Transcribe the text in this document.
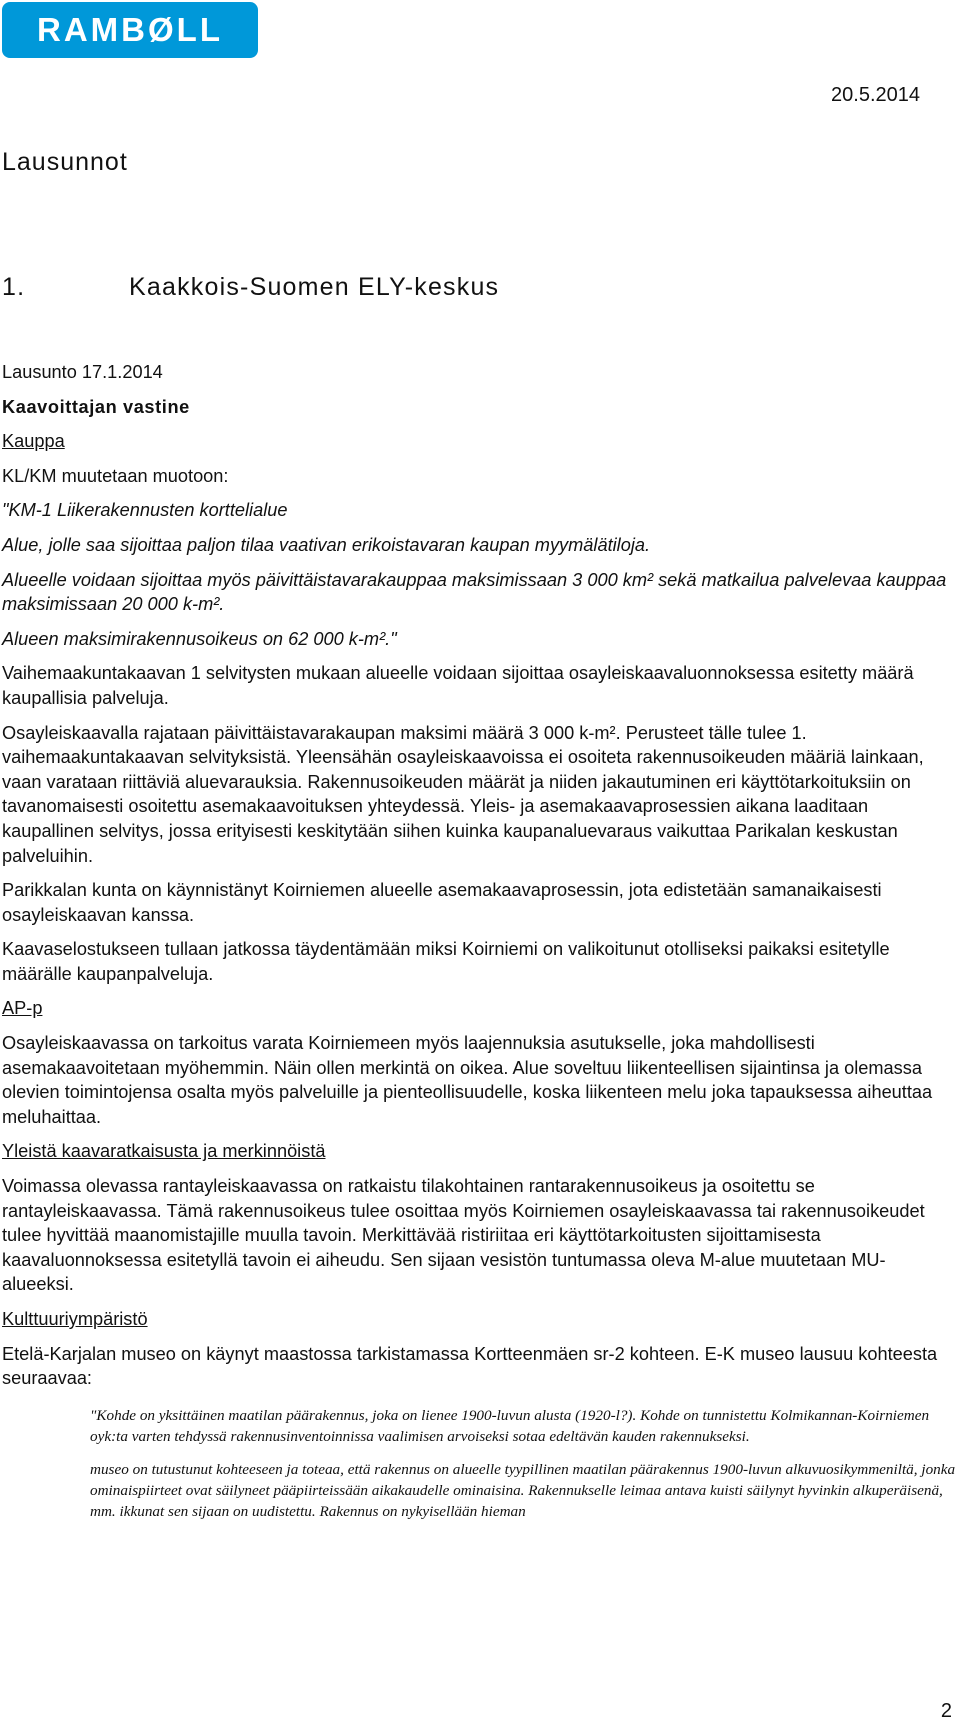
RAMBØLL
20.5.2014
Lausunnot
1.	Kaakkois-Suomen ELY-keskus

Lausunto 17.1.2014

Kaavoittajan vastine

Kauppa

KL/KM muutetaan muotoon:

"KM-1 Liikerakennusten korttelialue

Alue, jolle saa sijoittaa paljon tilaa vaativan erikoistavaran kaupan myymälätiloja.

Alueelle voidaan sijoittaa myös päivittäistavarakauppaa maksimissaan 3 000 km² sekä matkailua palvelevaa kauppaa maksimissaan 20 000 k-m².

Alueen maksimirakennusoikeus on 62 000 k-m²."

Vaihemaakuntakaavan 1 selvitysten mukaan alueelle voidaan sijoittaa osayleiskaavaluonnoksessa esitetty määrä kaupallisia palveluja.

Osayleiskaavalla rajataan päivittäistavarakaupan maksimi määrä 3 000 k-m². Perusteet tälle tulee 1. vaihemaakuntakaavan selvityksistä. Yleensähän osayleiskaavoissa ei osoiteta rakennusoikeuden määriä lainkaan, vaan varataan riittäviä aluevarauksia. Rakennusoikeuden määrät ja niiden jakautuminen eri käyttötarkoituksiin on tavanomaisesti osoitettu asemakaavoituksen yhteydessä. Yleis- ja asemakaavaprosessien aikana laaditaan kaupallinen selvitys, jossa erityisesti keskitytään siihen kuinka kaupanaluevaraus vaikuttaa Parikalan keskustan palveluihin.

Parikkalan kunta on käynnistänyt Koirniemen alueelle asemakaavaprosessin, jota edistetään samanaikaisesti osayleiskaavan kanssa.

Kaavaselostukseen tullaan jatkossa täydentämään miksi Koirniemi on valikoitunut otolliseksi paikaksi esitetylle määrälle kaupanpalveluja.

AP-p

Osayleiskaavassa on tarkoitus varata Koirniemeen myös laajennuksia asutukselle, joka mahdollisesti asemakaavoitetaan myöhemmin. Näin ollen merkintä on oikea. Alue soveltuu liikenteellisen sijaintinsa ja olemassa olevien toimintojensa osalta myös palveluille ja pienteollisuudelle, koska liikenteen melu joka tapauksessa aiheuttaa meluhaittaa.

Yleistä kaavaratkaisusta ja merkinnöistä

Voimassa olevassa rantayleiskaavassa on ratkaistu tilakohtainen rantarakennusoikeus ja osoitettu se rantayleiskaavassa. Tämä rakennusoikeus tulee osoittaa myös Koirniemen osayleiskaavassa tai rakennusoikeudet tulee hyvittää maanomistajille muulla tavoin. Merkittävää ristiriitaa eri käyttötarkoitusten sijoittamisesta kaavaluonnoksessa esitetyllä tavoin ei aiheudu. Sen sijaan vesistön tuntumassa oleva M-alue muutetaan MU-alueeksi.

Kulttuuriympäristö

Etelä-Karjalan museo on käynyt maastossa tarkistamassa Kortteenmäen sr-2 kohteen. E-K museo lausuu kohteesta seuraavaa:

"Kohde on yksittäinen maatilan päärakennus, joka on lienee 1900-luvun alusta (1920-l?). Kohde on tunnistettu Kolmikannan-Koirniemen oyk:ta varten tehdyssä rakennusinventoinnissa vaalimisen arvoiseksi sotaa edeltävän kauden rakennukseksi.

museo on tutustunut kohteeseen ja toteaa, että rakennus on alueelle tyypillinen maatilan päärakennus 1900-luvun alkuvuosikymmeniltä, jonka ominaispiirteet ovat säilyneet pääpiirteissään aikakaudelle ominaisina. Rakennukselle leimaa antava kuisti säilynyt hyvinkin alkuperäisenä, mm. ikkunat sen sijaan on uudistettu. Rakennus on nykyisellään hieman

2
